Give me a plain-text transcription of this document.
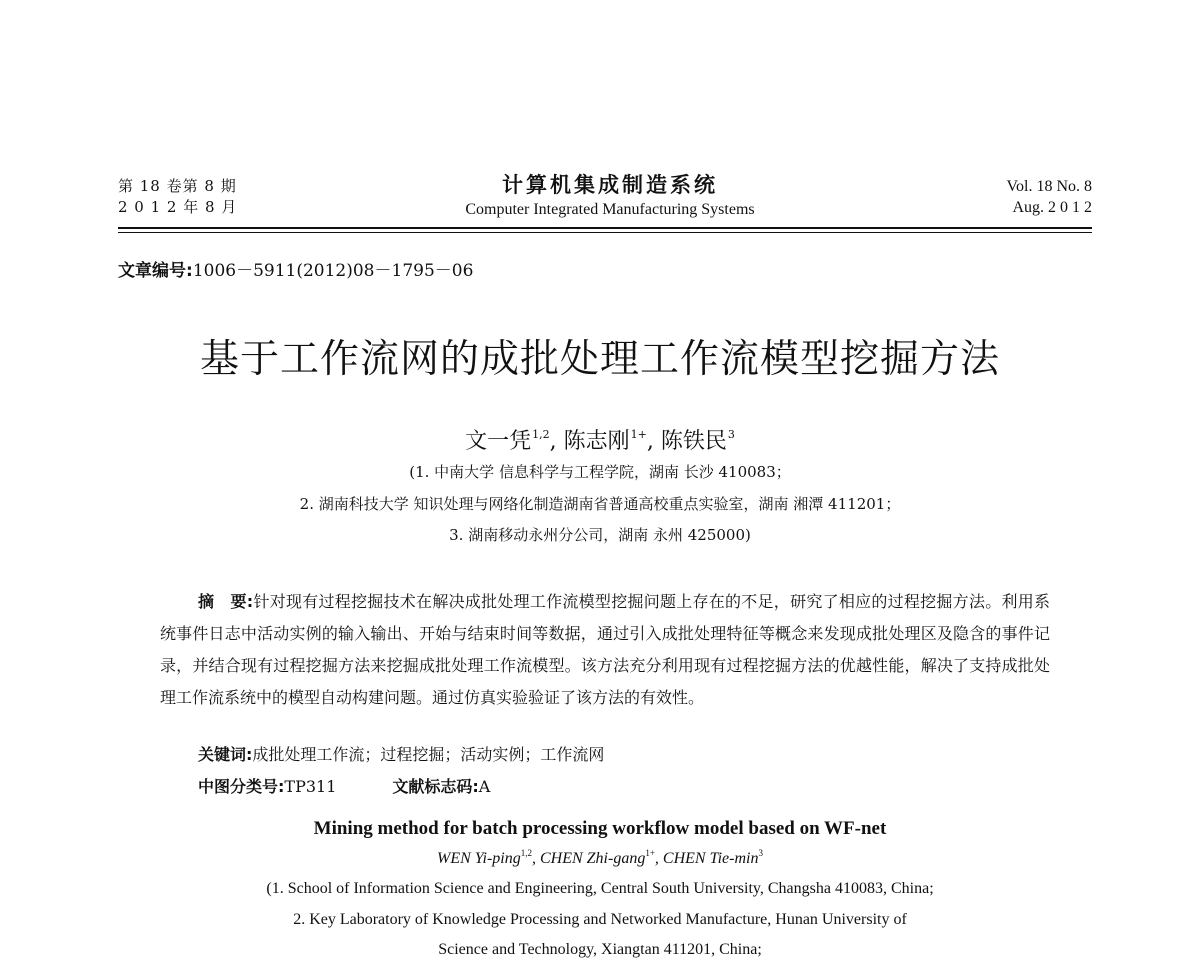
第 18 卷第 8 期
2 0 1 2 年 8 月
计算机集成制造系统
Computer Integrated Manufacturing Systems
Vol. 18 No. 8
Aug. 2 0 1 2
文章编号:1006－5911(2012)08－1795－06
基于工作流网的成批处理工作流模型挖掘方法
文一凭$^{1,2}$, 陈志刚$^{1+}$, 陈铁民$^3$
(1. 中南大学 信息科学与工程学院，湖南 长沙 410083；
2. 湖南科技大学 知识处理与网络化制造湖南省普通高校重点实验室，湖南 湘潭 411201；
3. 湖南移动永州分公司，湖南 永州 425000)
摘　要:针对现有过程挖掘技术在解决成批处理工作流模型挖掘问题上存在的不足，研究了相应的过程挖掘方法。利用系统事件日志中活动实例的输入输出、开始与结束时间等数据，通过引入成批处理特征等概念来发现成批处理区及隐含的事件记录，并结合现有过程挖掘方法来挖掘成批处理工作流模型。该方法充分利用现有过程挖掘方法的优越性能，解决了支持成批处理工作流系统中的模型自动构建问题。通过仿真实验验证了该方法的有效性。
关键词:成批处理工作流；过程挖掘；活动实例；工作流网
中图分类号:TP311	文献标志码:A
Mining method for batch processing workflow model based on WF-net
WEN Yi-ping$^{1,2}$, CHEN Zhi-gang$^{1+}$, CHEN Tie-$\min^3$
(1. School of Information Science and Engineering, Central South University, Changsha 410083, China;
2. Key Laboratory of Knowledge Processing and Networked Manufacture, Hunan University of
Science and Technology, Xiangtan 411201, China;
